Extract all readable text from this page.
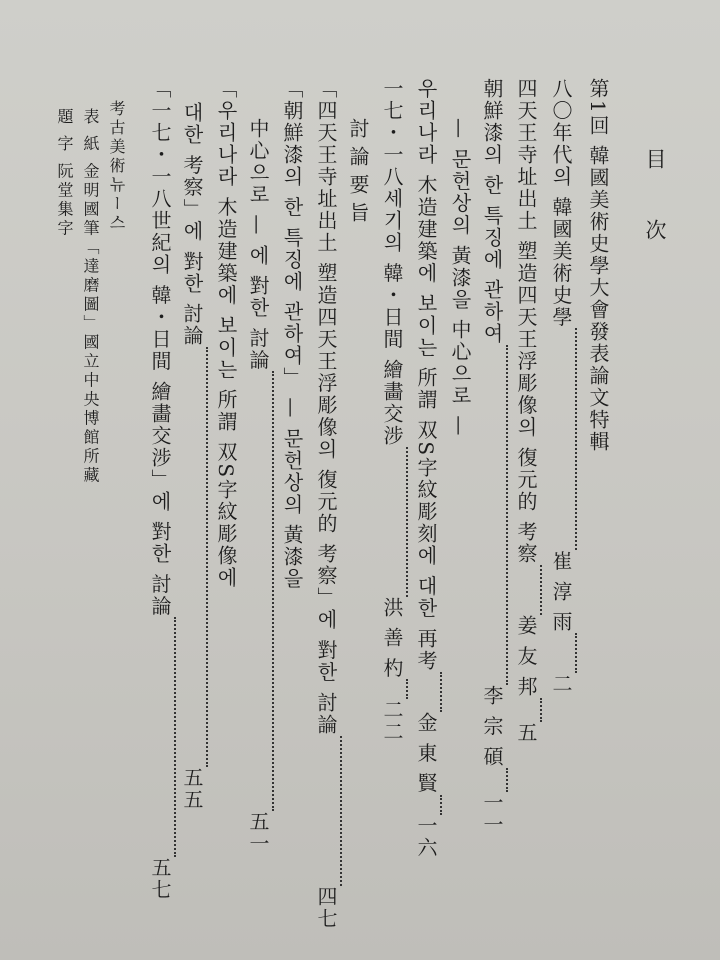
目次
第1回 韓國美術史學大會發表論文特輯
八〇年代의 韓國美術史學崔 淳 雨二
四天王寺址出土 塑造四天王浮彫像의 復元的 考察姜 友 邦五
朝鮮漆의 한 특징에 관하여李 宗 碩一一
— 문헌상의 黃漆을 中心으로 —
우리나라 木造建築에 보이는 所謂 双S字紋彫刻에 대한 再考金 東 賢一六
一七・一八세기의 韓・日間 繪畵交涉洪 善 杓二二
討論要旨
「四天王寺址出土 塑造四天王浮彫像의 復元的 考察」에 對한 討論四七
「朝鮮漆의 한 특징에 관하여」 — 문헌상의 黃漆을
中心으로 — 에 對한 討論五一
「우리나라 木造建築에 보이는 所謂 双S字紋彫像에
대한 考察」에 對한 討論五五
「一七・一八世紀의 韓・日間 繪畵交涉」에 對한 討論五七
考古美術뉴ー스
表 紙 金明國筆「達磨圖」國立中央博館所藏
題 字 阮堂集字
